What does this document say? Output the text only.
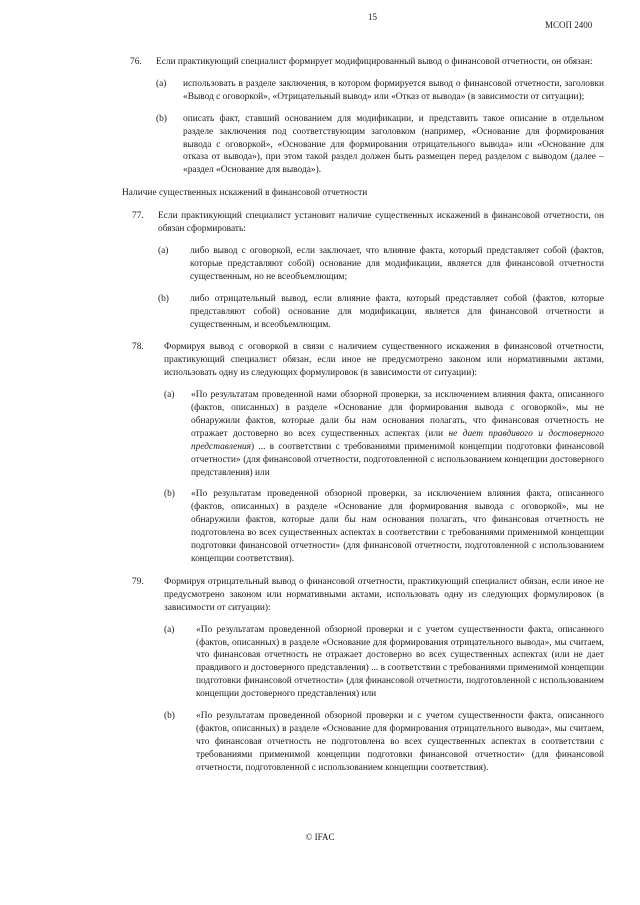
15
МСОП 2400
76. Если практикующий специалист формирует модифицированный вывод о финансовой отчетности, он обязан:
(a) использовать в разделе заключения, в котором формируется вывод о финансовой отчетности, заголовки «Вывод с оговоркой», «Отрицательный вывод» или «Отказ от вывода» (в зависимости от ситуации);
(b) описать факт, ставший основанием для модификации, и представить такое описание в отдельном разделе заключения под соответствующим заголовком (например, «Основание для формирования вывода с оговоркой», «Основание для формирования отрицательного вывода» или «Основание для отказа от вывода»), при этом такой раздел должен быть размещен перед разделом с выводом (далее – «раздел «Основание для вывода»).
Наличие существенных искажений в финансовой отчетности
77. Если практикующий специалист установит наличие существенных искажений в финансовой отчетности, он обязан сформировать:
(a) либо вывод с оговоркой, если заключает, что влияние факта, который представляет собой (фактов, которые представляют собой) основание для модификации, является для финансовой отчетности существенным, но не всеобъемлющим;
(b) либо отрицательный вывод, если влияние факта, который представляет собой (фактов, которые представляют собой) основание для модификации, является для финансовой отчетности и существенным, и всеобъемлющим.
78. Формируя вывод с оговоркой в связи с наличием существенного искажения в финансовой отчетности, практикующий специалист обязан, если иное не предусмотрено законом или нормативными актами, использовать одну из следующих формулировок (в зависимости от ситуации):
(a) «По результатам проведенной нами обзорной проверки, за исключением влияния факта, описанного (фактов, описанных) в разделе «Основание для формирования вывода с оговоркой», мы не обнаружили фактов, которые дали бы нам основания полагать, что финансовая отчетность не отражает достоверно во всех существенных аспектах (или не дает правдивого и достоверного представления) ... в соответствии с требованиями применимой концепции подготовки финансовой отчетности» (для финансовой отчетности, подготовленной с использованием концепции достоверного представления) или
(b) «По результатам проведенной обзорной проверки, за исключением влияния факта, описанного (фактов, описанных) в разделе «Основание для формирования вывода с оговоркой», мы не обнаружили фактов, которые дали бы нам основания полагать, что финансовая отчетность не подготовлена во всех существенных аспектах в соответствии с требованиями применимой концепции подготовки финансовой отчетности» (для финансовой отчетности, подготовленной с использованием концепции соответствия).
79. Формируя отрицательный вывод о финансовой отчетности, практикующий специалист обязан, если иное не предусмотрено законом или нормативными актами, использовать одну из следующих формулировок (в зависимости от ситуации):
(a) «По результатам проведенной обзорной проверки и с учетом существенности факта, описанного (фактов, описанных) в разделе «Основание для формирования отрицательного вывода», мы считаем, что финансовая отчетность не отражает достоверно во всех существенных аспектах (или не дает правдивого и достоверного представления) ... в соответствии с требованиями применимой концепции подготовки финансовой отчетности» (для финансовой отчетности, подготовленной с использованием концепции достоверного представления) или
(b) «По результатам проведенной обзорной проверки и с учетом существенности факта, описанного (фактов, описанных) в разделе «Основание для формирования отрицательного вывода», мы считаем, что финансовая отчетность не подготовлена во всех существенных аспектах в соответствии с требованиями применимой концепции подготовки финансовой отчетности» (для финансовой отчетности, подготовленной с использованием концепции соответствия).
© IFAC
